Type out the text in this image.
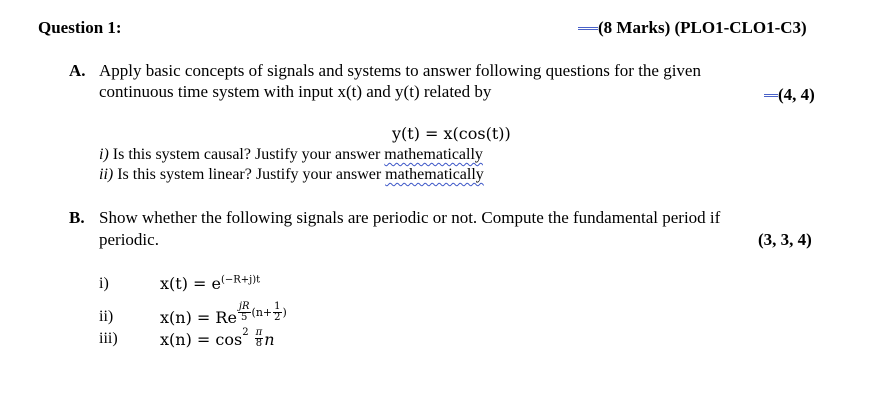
Question 1:	(8 Marks) (PLO1-CLO1-C3)
A. Apply basic concepts of signals and systems to answer following questions for the given
continuous time system with input x(t) and y(t) related by	(4, 4)
y(t) = x(cos(t))
i) Is this system causal? Justify your answer mathematically
ii) Is this system linear? Justify your answer mathematically
B. Show whether the following signals are periodic or not. Compute the fundamental period if
periodic.	(3, 3, 4)
i)	$x(t) = e^{(-R+j)t}$
ii)	x(n) = Re $\frac{jR}{5} (n+ \frac{1}{2}$ )
iii)	$x(n) = \cos^2 \frac{\pi}{8}$ n
